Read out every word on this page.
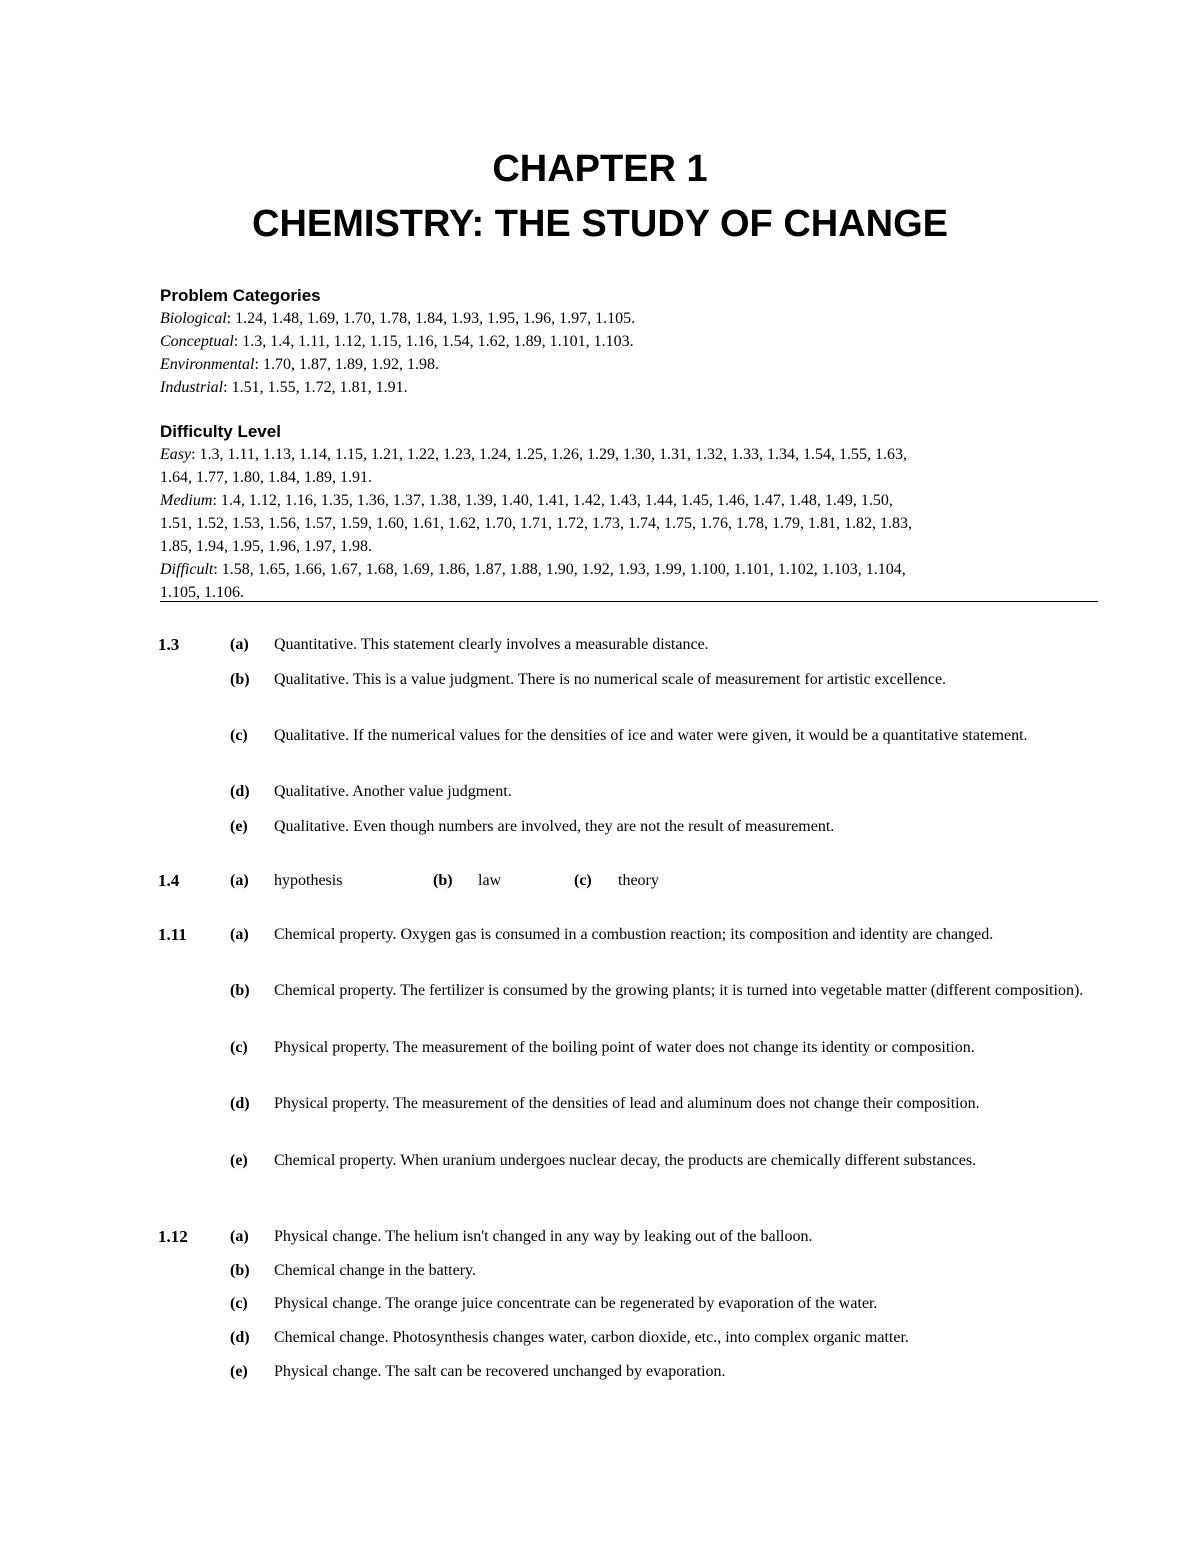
CHAPTER 1
CHEMISTRY: THE STUDY OF CHANGE
Problem Categories

Biological: 1.24, 1.48, 1.69, 1.70, 1.78, 1.84, 1.93, 1.95, 1.96, 1.97, 1.105.

Conceptual: 1.3, 1.4, 1.11, 1.12, 1.15, 1.16, 1.54, 1.62, 1.89, 1.101, 1.103.

Environmental: 1.70, 1.87, 1.89, 1.92, 1.98.

Industrial: 1.51, 1.55, 1.72, 1.81, 1.91.

Difficulty Level

Easy: 1.3, 1.11, 1.13, 1.14, 1.15, 1.21, 1.22, 1.23, 1.24, 1.25, 1.26, 1.29, 1.30, 1.31, 1.32, 1.33, 1.34, 1.54, 1.55, 1.63,

1.64, 1.77, 1.80, 1.84, 1.89, 1.91.

Medium: 1.4, 1.12, 1.16, 1.35, 1.36, 1.37, 1.38, 1.39, 1.40, 1.41, 1.42, 1.43, 1.44, 1.45, 1.46, 1.47, 1.48, 1.49, 1.50,

1.51, 1.52, 1.53, 1.56, 1.57, 1.59, 1.60, 1.61, 1.62, 1.70, 1.71, 1.72, 1.73, 1.74, 1.75, 1.76, 1.78, 1.79, 1.81, 1.82, 1.83,

1.85, 1.94, 1.95, 1.96, 1.97, 1.98.

Difficult: 1.58, 1.65, 1.66, 1.67, 1.68, 1.69, 1.86, 1.87, 1.88, 1.90, 1.92, 1.93, 1.99, 1.100, 1.101, 1.102, 1.103, 1.104,

1.105, 1.106.

1.3	(a) Quantitative. This statement clearly involves a measurable distance.
(b) Qualitative. This is a value judgment. There is no numerical scale of measurement for artistic excellence.
(c) Qualitative. If the numerical values for the densities of ice and water were given, it would be a quantitative statement.
(d) Qualitative. Another value judgment.
(e) Qualitative. Even though numbers are involved, they are not the result of measurement.
1.4	(a) hypothesis	(b) law	(c) theory
1.11	(a) Chemical property. Oxygen gas is consumed in a combustion reaction; its composition and identity are changed.
(b) Chemical property. The fertilizer is consumed by the growing plants; it is turned into vegetable matter (different composition).
(c) Physical property. The measurement of the boiling point of water does not change its identity or composition.
(d) Physical property. The measurement of the densities of lead and aluminum does not change their composition.
(e) Chemical property. When uranium undergoes nuclear decay, the products are chemically different substances.
1.12	(a) Physical change. The helium isn't changed in any way by leaking out of the balloon.
(b) Chemical change in the battery.
(c) Physical change. The orange juice concentrate can be regenerated by evaporation of the water.
(d) Chemical change. Photosynthesis changes water, carbon dioxide, etc., into complex organic matter.
(e) Physical change. The salt can be recovered unchanged by evaporation.
